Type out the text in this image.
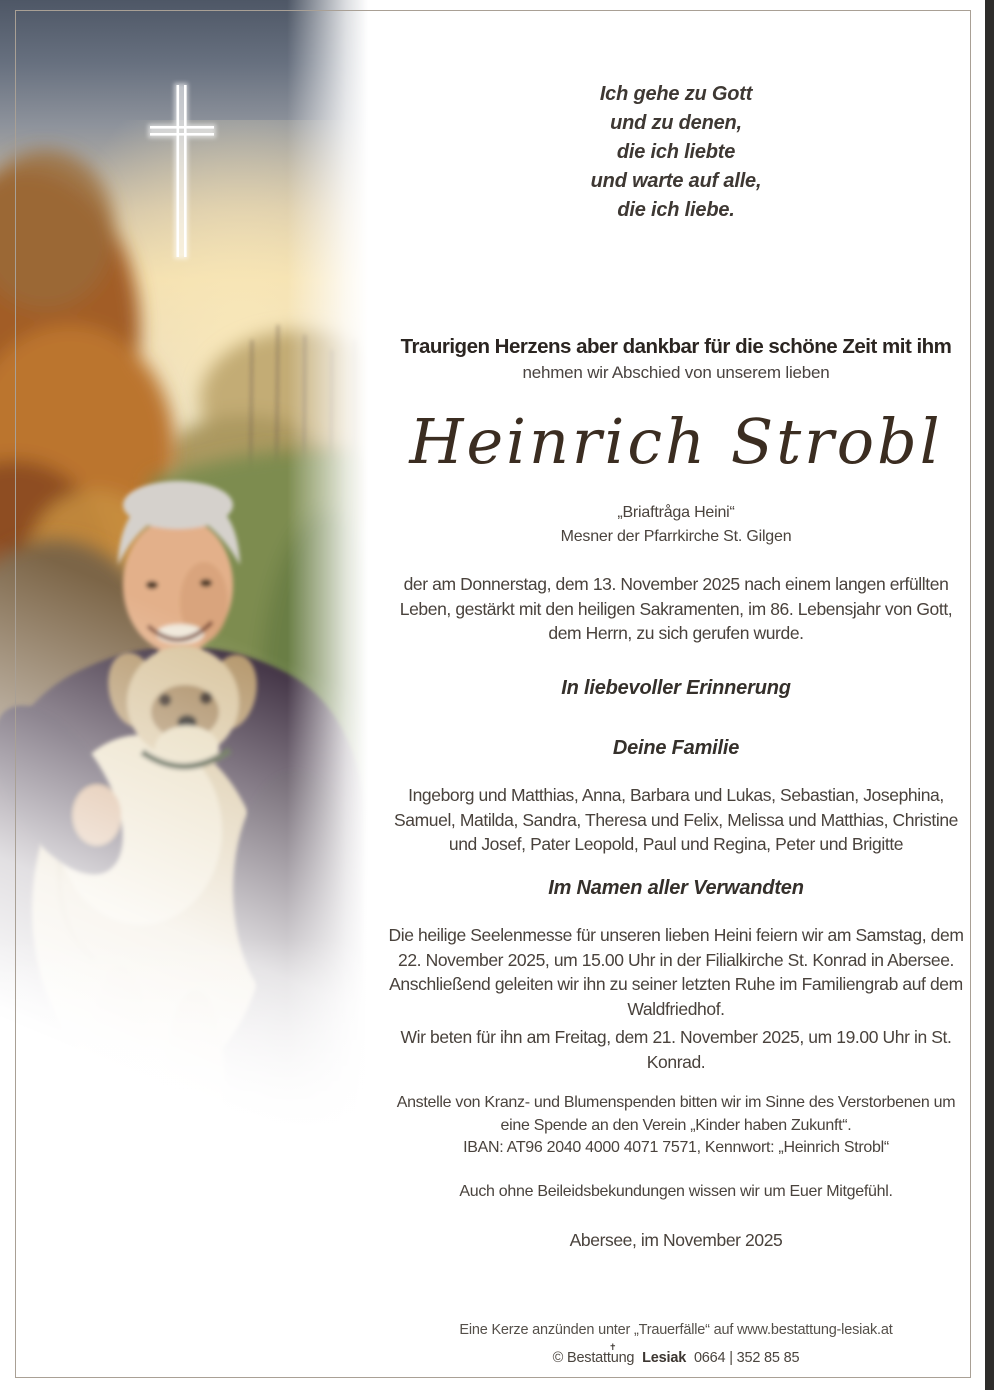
Ich gehe zu Gott
und zu denen,
die ich liebte
und warte auf alle,
die ich liebe.
Traurigen Herzens aber dankbar für die schöne Zeit mit ihm
nehmen wir Abschied von unserem lieben
Heinrich Strobl
„Briaftråga Heini“
Mesner der Pfarrkirche St. Gilgen
der am Donnerstag, dem 13. November 2025 nach einem langen erfüllten Leben, gestärkt mit den heiligen Sakramenten, im 86. Lebensjahr von Gott, dem Herrn, zu sich gerufen wurde.
In liebevoller Erinnerung
Deine Familie
Ingeborg und Matthias, Anna, Barbara und Lukas, Sebastian, Josephina, Samuel, Matilda, Sandra, Theresa und Felix, Melissa und Matthias, Christine und Josef, Pater Leopold, Paul und Regina, Peter und Brigitte
Im Namen aller Verwandten
Die heilige Seelenmesse für unseren lieben Heini feiern wir am Samstag, dem 22. November 2025, um 15.00 Uhr in der Filialkirche St. Konrad in Abersee. Anschließend geleiten wir ihn zu seiner letzten Ruhe im Familiengrab auf dem Waldfriedhof.
Wir beten für ihn am Freitag, dem 21. November 2025, um 19.00 Uhr in St. Konrad.
Anstelle von Kranz- und Blumenspenden bitten wir im Sinne des Verstorbenen um eine Spende an den Verein „Kinder haben Zukunft“.
IBAN: AT96 2040 4000 4071 7571, Kennwort: „Heinrich Strobl“
Auch ohne Beileidsbekundungen wissen wir um Euer Mitgefühl.
Abersee, im November 2025
Eine Kerze anzünden unter „Trauerfälle“ auf www.bestattung-lesiak.at
✝
© Bestattung Lesiak 0664 | 352 85 85
